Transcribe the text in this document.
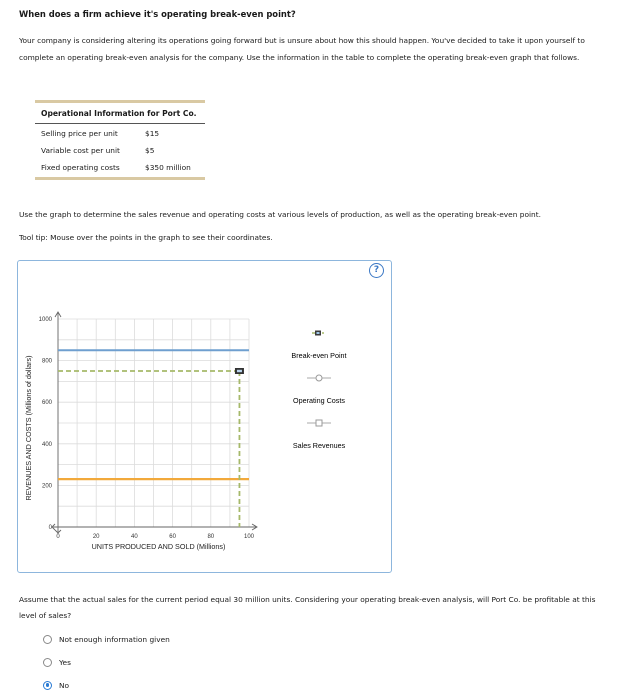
When does a firm achieve it's operating break-even point?
Your company is considering altering its operations going forward but is unsure about how this should happen. You've decided to take it upon yourself to complete an operating break-even analysis for the company. Use the information in the table to complete the operating break-even graph that follows.
Operational Information for Port Co.
Selling price per unit	$15
Variable cost per unit	$5
Fixed operating costs	$350 million
Use the graph to determine the sales revenue and operating costs at various levels of production, as well as the operating break-even point.
Tool tip: Mouse over the points in the graph to see their coordinates.
?
0	20	40	60	80	100
0
200
400
600
800
1000
UNITS PRODUCED AND SOLD (Millions)
REVENUES AND COSTS (Millions of dollars)
Break-even Point
Operating Costs
Sales Revenues
Assume that the actual sales for the current period equal 30 million units. Considering your operating break-even analysis, will Port Co. be profitable at this level of sales?
Not enough information given
Yes
No
